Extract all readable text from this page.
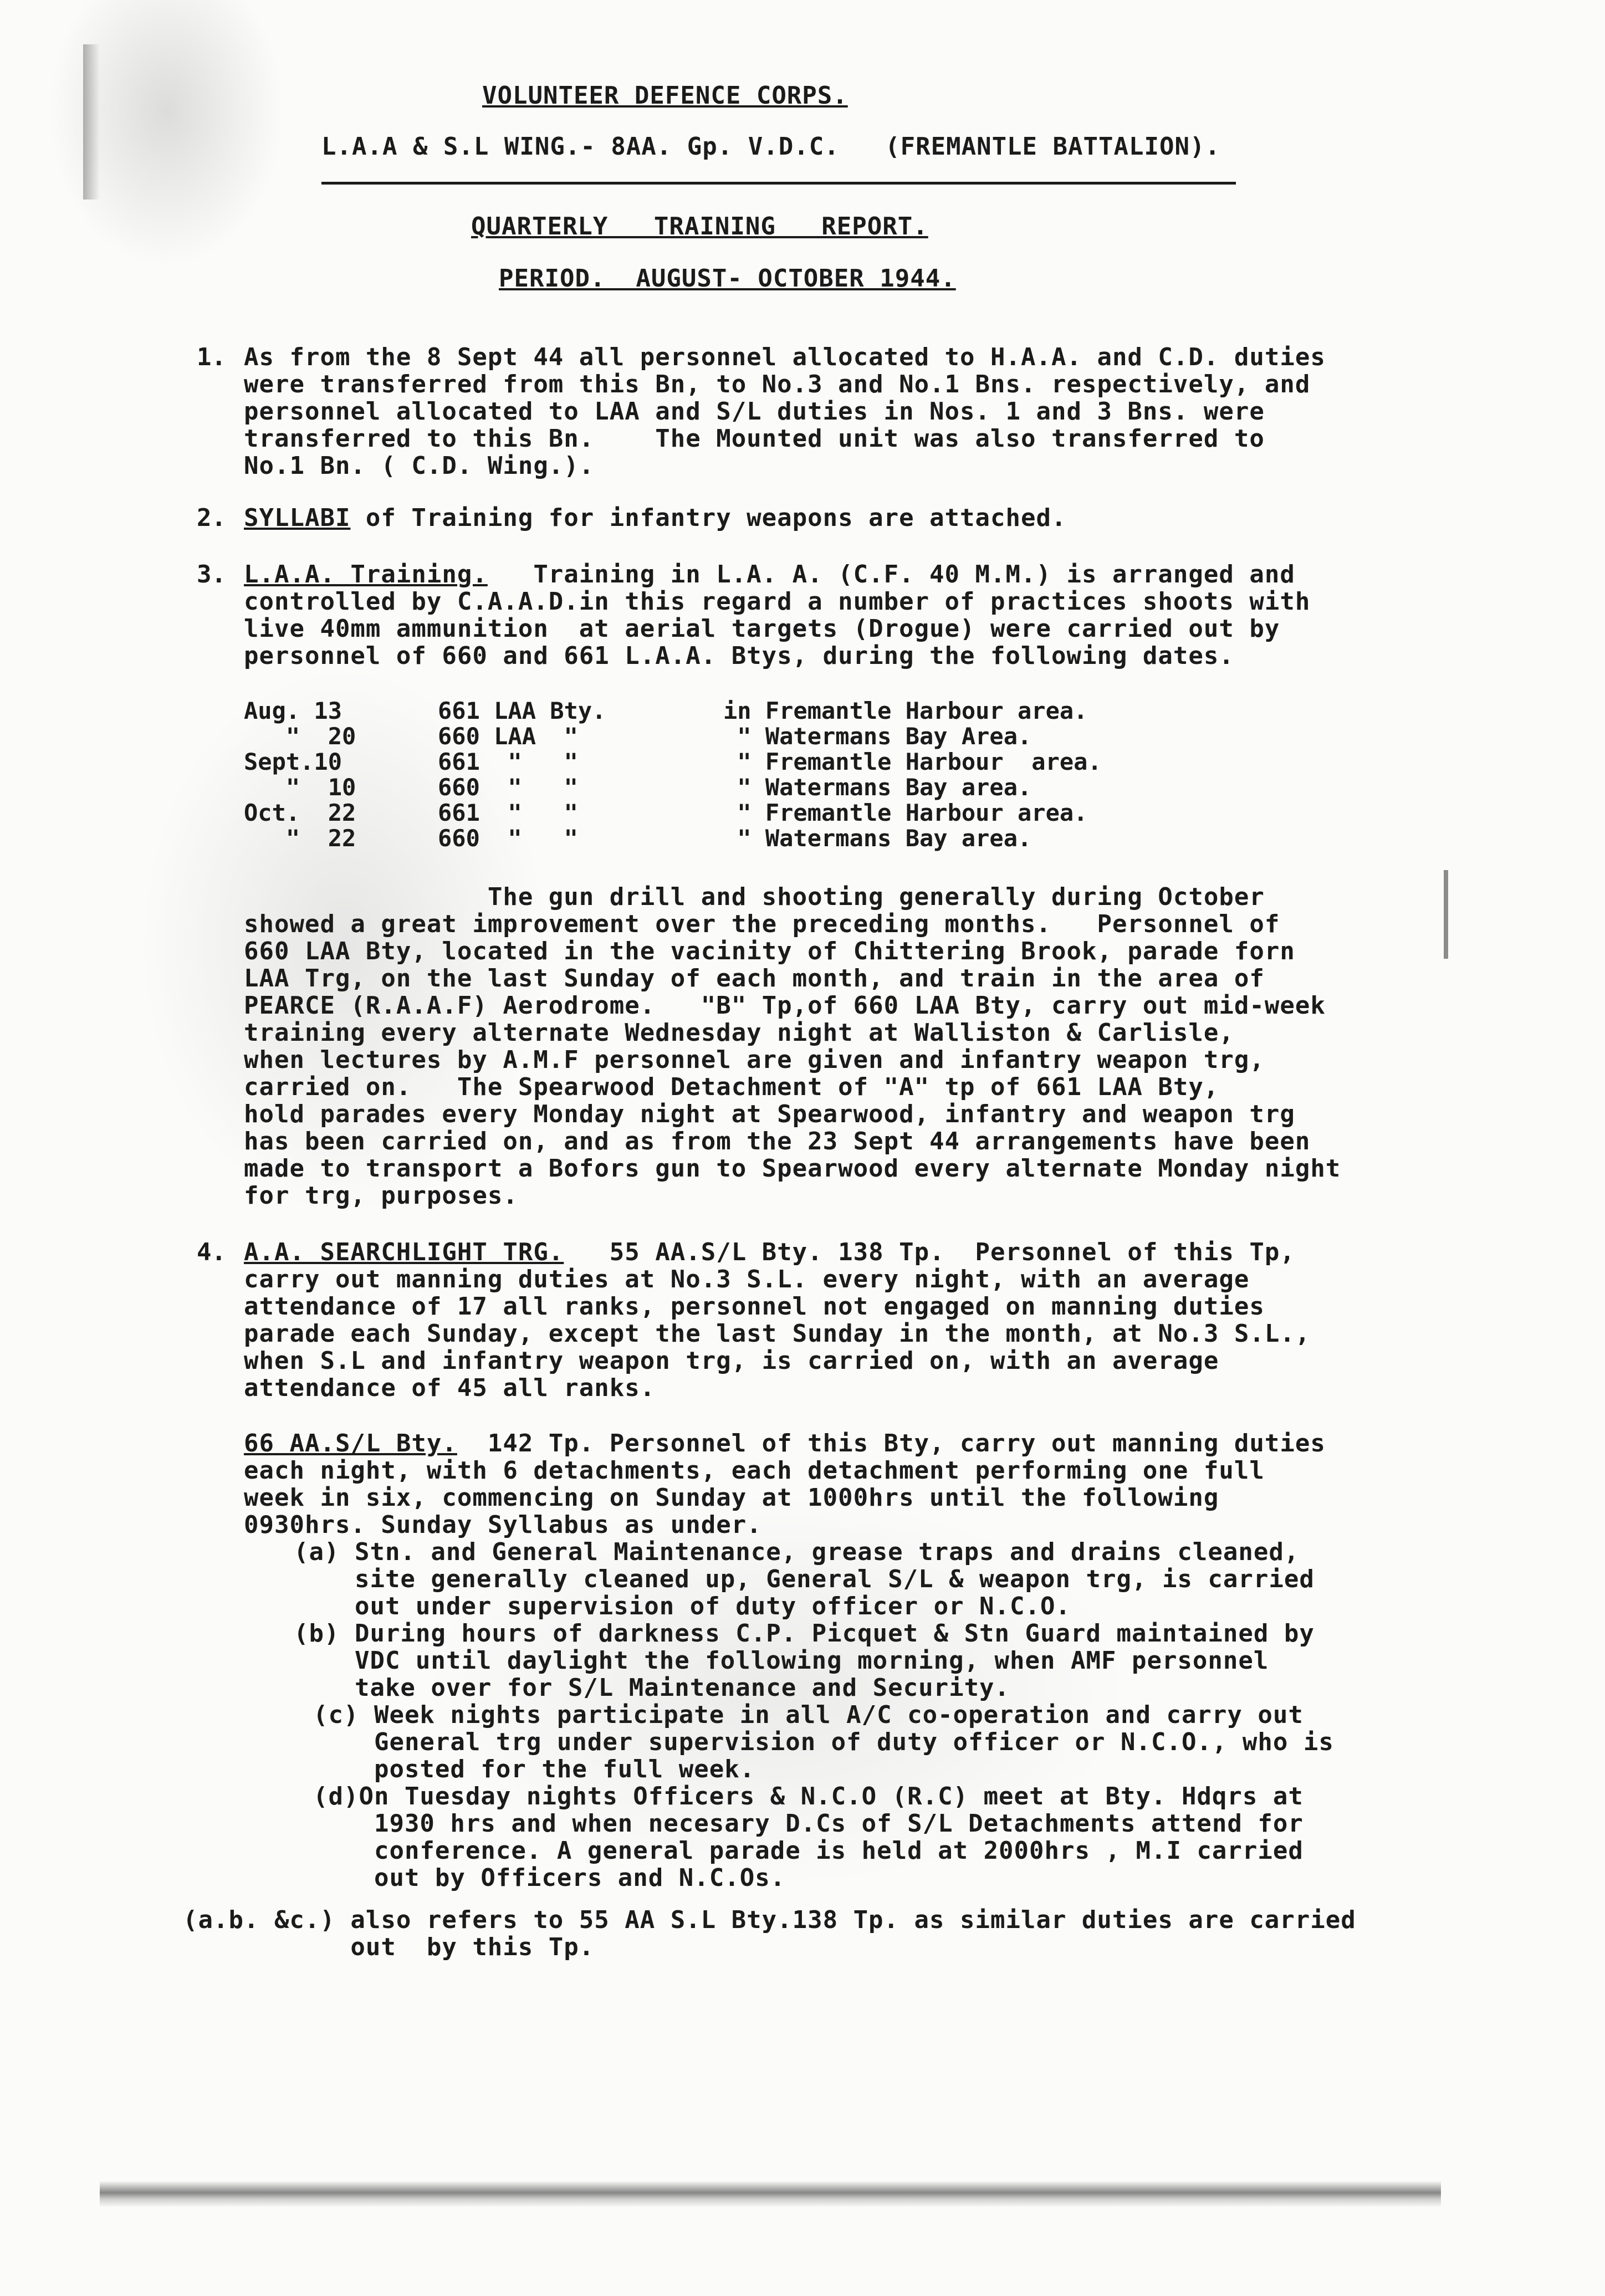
VOLUNTEER DEFENCE CORPS.
L.A.A & S.L WING.- 8AA. Gp. V.D.C.   (FREMANTLE BATTALION).
QUARTERLY   TRAINING   REPORT.
PERIOD.  AUGUST- OCTOBER 1944.
1. As from the 8 Sept 44 all personnel allocated to H.A.A. and C.D. duties
were transferred from this Bn, to No.3 and No.1 Bns. respectively, and
personnel allocated to LAA and S/L duties in Nos. 1 and 3 Bns. were
transferred to this Bn.    The Mounted unit was also transferred to
No.1 Bn. ( C.D. Wing.).
2. SYLLABI of Training for infantry weapons are attached.
3. L.A.A. Training.   Training in L.A. A. (C.F. 40 M.M.) is arranged and
controlled by C.A.A.D.in this regard a number of practices shoots with
live 40mm ammunition  at aerial targets (Drogue) were carried out by
personnel of 660 and 661 L.A.A. Btys, during the following dates.
Aug. 13	661 LAA Bty.	in Fremantle Harbour area.
"  20	660 LAA  "	" Watermans Bay Area.
Sept.10	661  "   "	" Fremantle Harbour  area.
"  10	660  "   "	" Watermans Bay area.
Oct.  22	661  "   "	" Fremantle Harbour area.
"  22	660  "   "	" Watermans Bay area.
The gun drill and shooting generally during October
showed a great improvement over the preceding months.   Personnel of
660 LAA Bty, located in the vacinity of Chittering Brook, parade forn
LAA Trg, on the last Sunday of each month, and train in the area of
PEARCE (R.A.A.F) Aerodrome.   "B" Tp,of 660 LAA Bty, carry out mid-week
training every alternate Wednesday night at Walliston & Carlisle,
when lectures by A.M.F personnel are given and infantry weapon trg,
carried on.   The Spearwood Detachment of "A" tp of 661 LAA Bty,
hold parades every Monday night at Spearwood, infantry and weapon trg
has been carried on, and as from the 23 Sept 44 arrangements have been
made to transport a Bofors gun to Spearwood every alternate Monday night
for trg, purposes.
4. A.A. SEARCHLIGHT TRG.   55 AA.S/L Bty. 138 Tp.  Personnel of this Tp,
carry out manning duties at No.3 S.L. every night, with an average
attendance of 17 all ranks, personnel not engaged on manning duties
parade each Sunday, except the last Sunday in the month, at No.3 S.L.,
when S.L and infantry weapon trg, is carried on, with an average
attendance of 45 all ranks.
66 AA.S/L Bty.  142 Tp. Personnel of this Bty, carry out manning duties
each night, with 6 detachments, each detachment performing one full
week in six, commencing on Sunday at 1000hrs until the following
0930hrs. Sunday Syllabus as under.
(a) Stn. and General Maintenance, grease traps and drains cleaned,
site generally cleaned up, General S/L & weapon trg, is carried
out under supervision of duty officer or N.C.O.
(b) During hours of darkness C.P. Picquet & Stn Guard maintained by
VDC until daylight the following morning, when AMF personnel
take over for S/L Maintenance and Security.
(c) Week nights participate in all A/C co-operation and carry out
General trg under supervision of duty officer or N.C.O., who is
posted for the full week.
(d)On Tuesday nights Officers & N.C.O (R.C) meet at Bty. Hdqrs at
1930 hrs and when necesary D.Cs of S/L Detachments attend for
conference. A general parade is held at 2000hrs , M.I carried
out by Officers and N.C.Os.
(a.b. &c.) also refers to 55 AA S.L Bty.138 Tp. as similar duties are carried
out  by this Tp.
